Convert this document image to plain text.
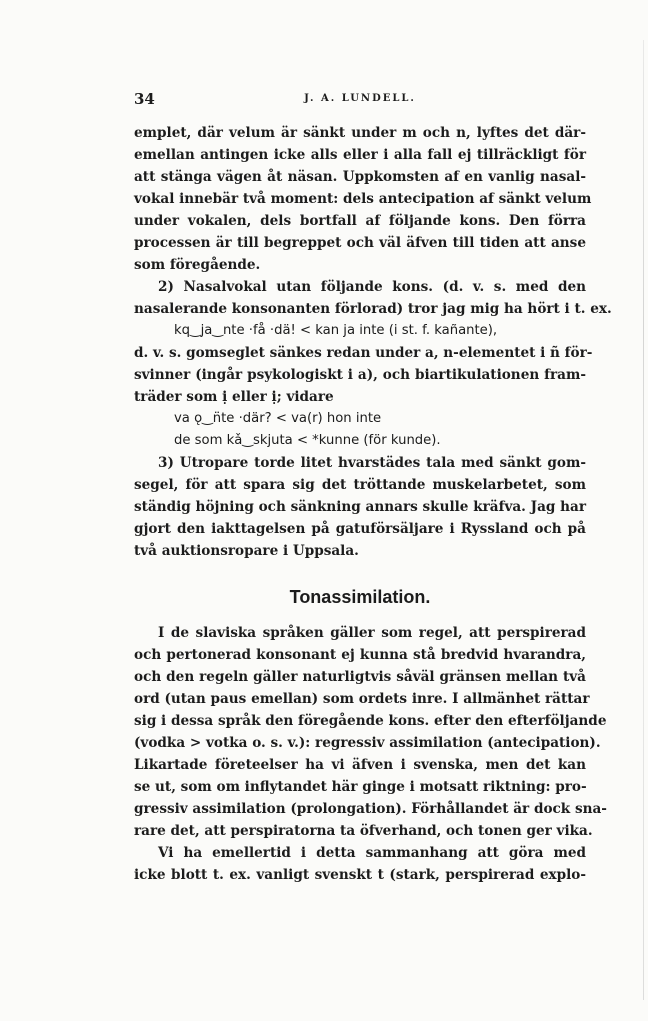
34	J. A. LUNDELL.
emplet, där velum är sänkt under m och n, lyftes det där-
emellan antingen icke alls eller i alla fall ej tillräckligt för
att stänga vägen åt näsan. Uppkomsten af en vanlig nasal-
vokal innebär två moment: dels antecipation af sänkt velum
under vokalen, dels bortfall af följande kons. Den förra
processen är till begreppet och väl äfven till tiden att anse
som föregående.
2) Nasalvokal utan följande kons. (d. v. s. med den
nasalerande konsonanten förlorad) tror jag mig ha hört i t. ex.
kq‿ja‿nte ·få ·dä! < kan ja inte (i st. f. kañante),
d. v. s. gomseglet sänkes redan under a, n-elementet i ñ för-
svinner (ingår psykologiskt i a), och biartikulationen fram-
träder som ị eller ị; vidare
va ǫ‿n̈te ·där? < va(r) hon inte
de som kǎ‿skjuta < *kunne (för kunde).
3) Utropare torde litet hvarstädes tala med sänkt gom-
segel, för att spara sig det tröttande muskelarbetet, som
ständig höjning och sänkning annars skulle kräfva. Jag har
gjort den iakttagelsen på gatuförsäljare i Ryssland och på
två auktionsropare i Uppsala.
Tonassimilation.
I de slaviska språken gäller som regel, att perspirerad
och pertonerad konsonant ej kunna stå bredvid hvarandra,
och den regeln gäller naturligtvis såväl gränsen mellan två
ord (utan paus emellan) som ordets inre. I allmänhet rättar
sig i dessa språk den föregående kons. efter den efterföljande
(vodka > votka o. s. v.): regressiv assimilation (antecipation).
Likartade företeelser ha vi äfven i svenska, men det kan
se ut, som om inflytandet här ginge i motsatt riktning: pro-
gressiv assimilation (prolongation). Förhållandet är dock sna-
rare det, att perspiratorna ta öfverhand, och tonen ger vika.
Vi ha emellertid i detta sammanhang att göra med
icke blott t. ex. vanligt svenskt t (stark, perspirerad explo-
